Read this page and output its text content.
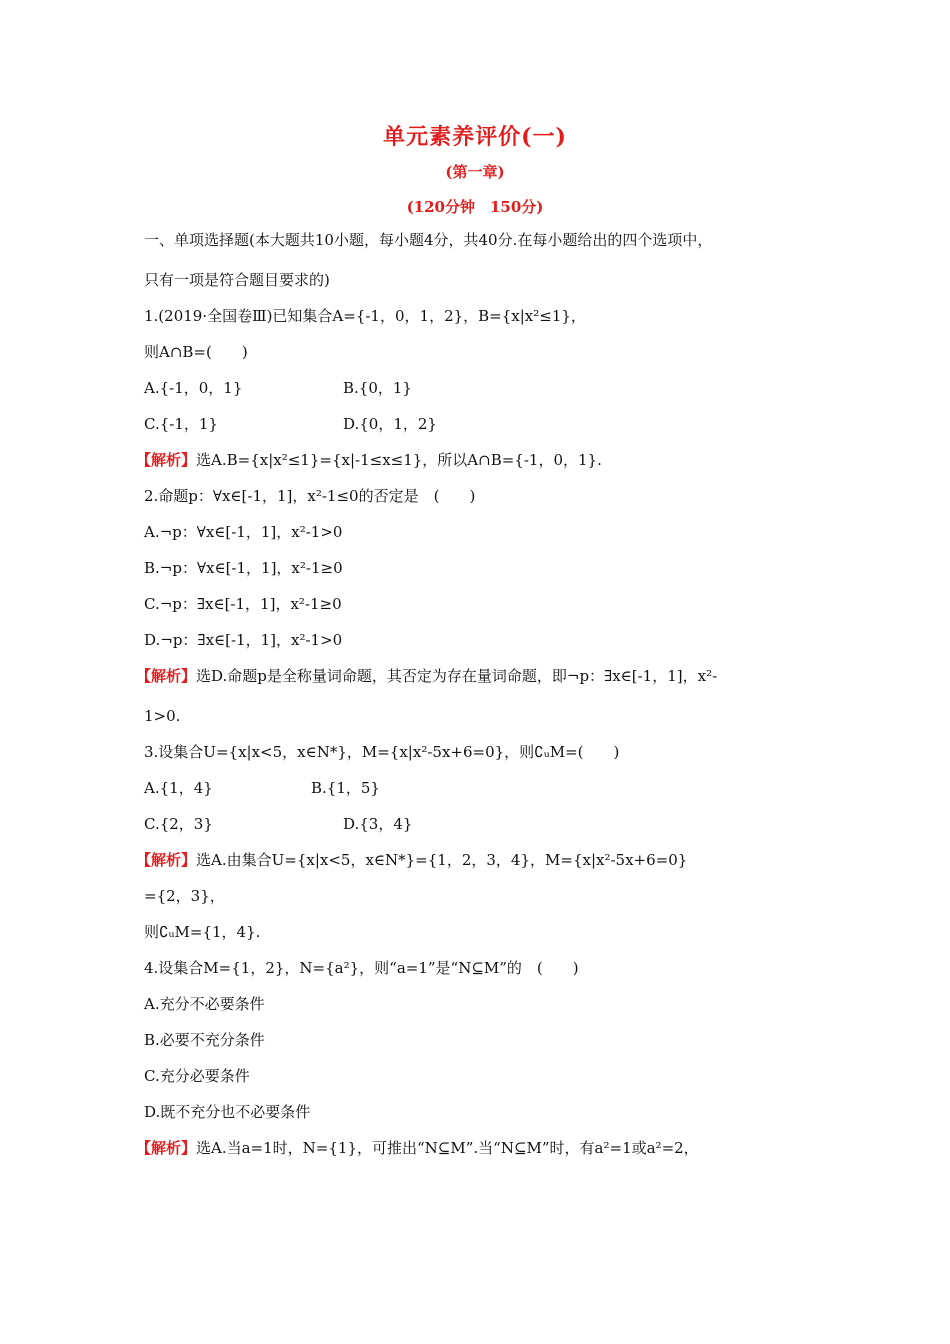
单元素养评价(一)
(第一章)
(120分钟　150分)
一、单项选择题(本大题共10小题，每小题4分，共40分.在每小题给出的四个选项中，
只有一项是符合题目要求的)
1.(2019·全国卷Ⅲ)已知集合A={-1，0，1，2}，B={x|x²≤1}，
则A∩B=(　　)
A.{-1，0，1}	B.{0，1}
C.{-1，1}	D.{0，1，2}
【解析】选A.B={x|x²≤1}={x|-1≤x≤1}，所以A∩B={-1，0，1}.
2.命题p：∀x∈[-1，1]，x²-1≤0的否定是　(　　)
A.¬p：∀x∈[-1，1]，x²-1>0
B.¬p：∀x∈[-1，1]，x²-1≥0
C.¬p：∃x∈[-1，1]，x²-1≥0
D.¬p：∃x∈[-1，1]，x²-1>0
【解析】选D.命题p是全称量词命题，其否定为存在量词命题，即¬p：∃x∈[-1，1]，x²-
1>0.
3.设集合U={x|x<5，x∈N*}，M={x|x²-5x+6=0}，则∁ᵤM=(　　)
A.{1，4}	B.{1，5}
C.{2，3}	D.{3，4}
【解析】选A.由集合U={x|x<5，x∈N*}={1，2，3，4}，M={x|x²-5x+6=0}
={2，3}，
则∁ᵤM={1，4}.
4.设集合M={1，2}，N={a²}，则“a=1”是“N⊆M”的　(　　)
A.充分不必要条件
B.必要不充分条件
C.充分必要条件
D.既不充分也不必要条件
【解析】选A.当a=1时，N={1}，可推出“N⊆M”.当“N⊆M”时，有a²=1或a²=2，
